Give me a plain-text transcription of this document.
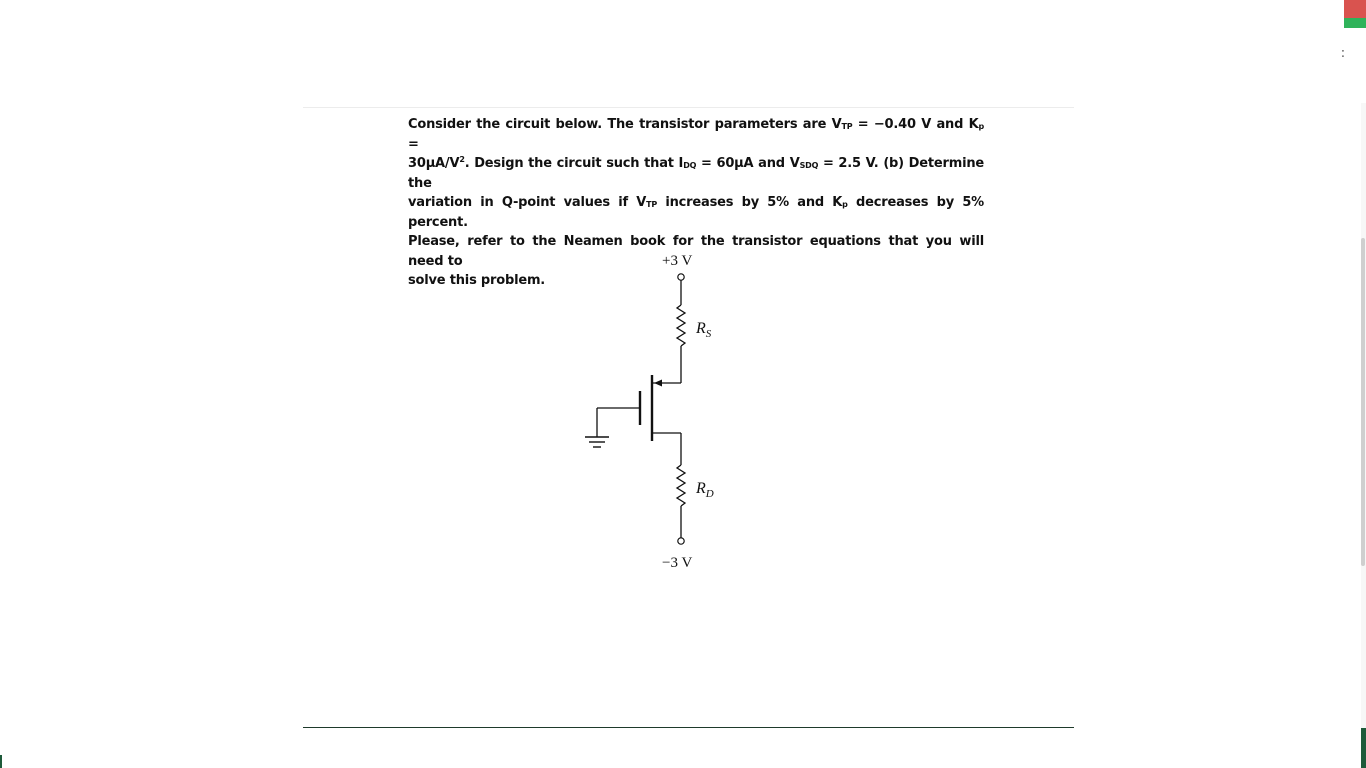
Consider the circuit below. The transistor parameters are $V_{TP} = -0.40$ V and $K_p$ =

$30\mu A/V^2$. Design the circuit such that $I_{DQ} = 60\mu A$ and $V_{SDQ} = 2.5$ V. (b) Determine the

variation in Q-point values if $V_{TP}$ increases by 5% and $K_p$ decreases by 5% percent.

Please, refer to the Neamen book for the transistor equations that you will need to

solve this problem.

+3 V
$R_S$
$R_D$
−3 V
:
